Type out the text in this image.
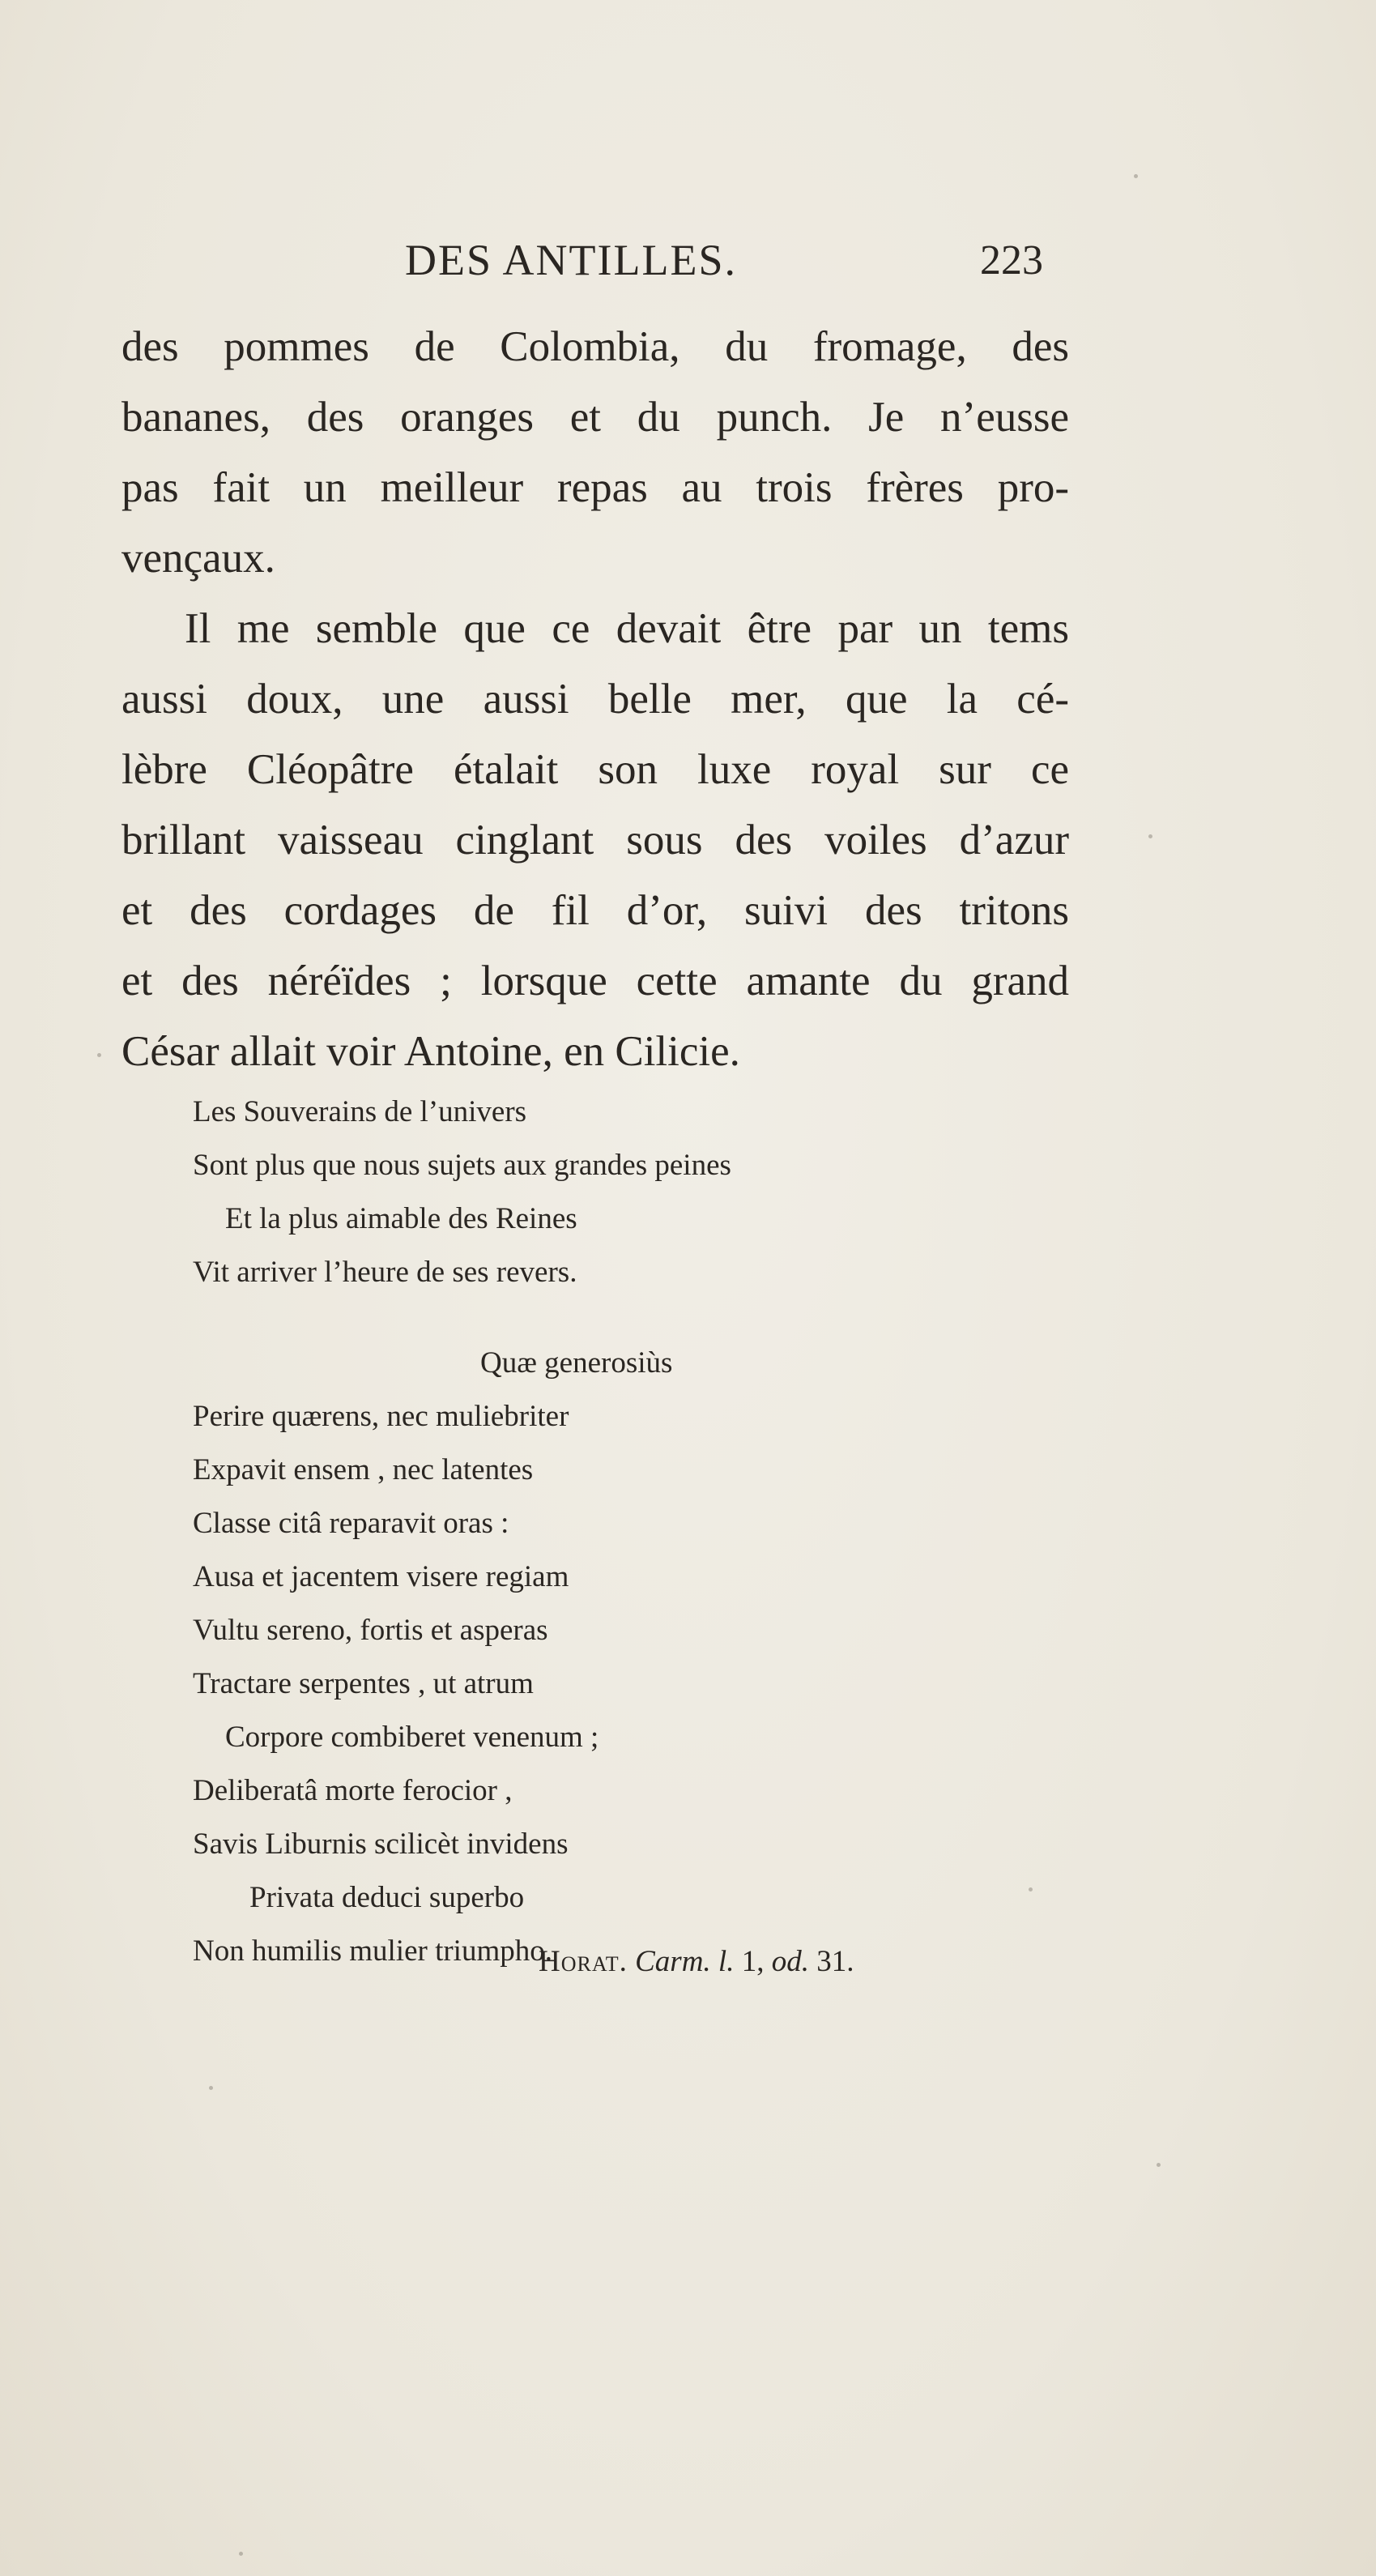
DES ANTILLES.	223

des pommes de Colombia, du fromage, des
bananes, des oranges et du punch. Je n’eusse
pas fait un meilleur repas au trois frères pro-
vençaux.

Il me semble que ce devait être par un tems
aussi doux, une aussi belle mer, que la cé-
lèbre Cléopâtre étalait son luxe royal sur ce
brillant vaisseau cinglant sous des voiles d’azur
et des cordages de fil d’or, suivi des tritons
et des néréïdes ; lorsque cette amante du grand
César allait voir Antoine, en Cilicie.

Les Souverains de l’univers
Sont plus que nous sujets aux grandes peines
Et la plus aimable des Reines
Vit arriver l’heure de ses revers.
Quæ generosiùs
Perire quærens, nec muliebriter
Expavit ensem , nec latentes
Classe citâ reparavit oras :
Ausa et jacentem visere regiam
Vultu sereno, fortis et asperas
Tractare serpentes , ut atrum
Corpore combiberet venenum ;
Deliberatâ morte ferocior ,
Savis Liburnis scilicèt invidens
Privata deduci superbo
Non humilis mulier triumpho.
Horat. Carm. l. 1, od. 31.
